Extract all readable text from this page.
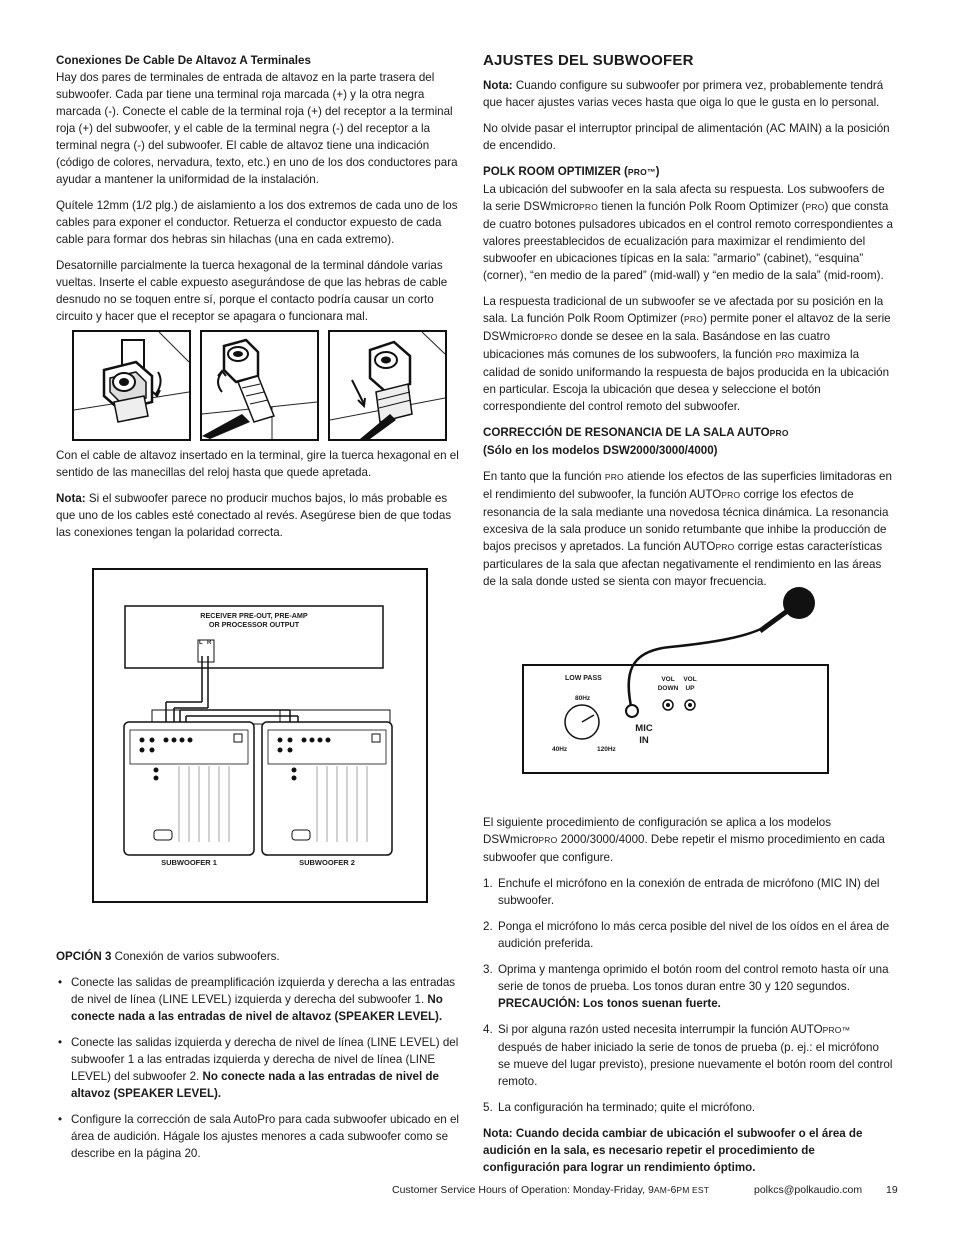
Conexiones De Cable De Altavoz A Terminales

Hay dos pares de terminales de entrada de altavoz en la parte trasera del subwoofer. Cada par tiene una terminal roja marcada (+) y la otra negra marcada (-). Conecte el cable de la terminal roja (+) del receptor a la terminal roja (+) del subwoofer, y el cable de la terminal negra (-) del receptor a la terminal negra (-) del subwoofer. El cable de altavoz tiene una indicación (código de colores, nervadura, texto, etc.) en uno de los dos conductores para ayudar a mantener la uniformidad de la instalación.

Quítele 12mm (1/2 plg.) de aislamiento a los dos extremos de cada uno de los cables para exponer el conductor. Retuerza el conductor expuesto de cada cable para formar dos hebras sin hilachas (una en cada extremo).

Desatornille parcialmente la tuerca hexagonal de la terminal dándole varias vueltas. Inserte el cable expuesto asegurándose de que las hebras de cable desnudo no se toquen entre sí, porque el contacto podría causar un corto circuito y hacer que el receptor se apagara o funcionara mal.

Con el cable de altavoz insertado en la terminal, gire la tuerca hexagonal en el sentido de las manecillas del reloj hasta que quede apretada.

Nota: Si el subwoofer parece no producir muchos bajos, lo más probable es que uno de los cables esté conectado al revés. Asegúrese bien de que todas las conexiones tengan la polaridad correcta.

RECEIVER PRE-OUT, PRE-AMP
OR PROCESSOR OUTPUT
L R
SUBWOOFER 1	SUBWOOFER 2

OPCIÓN 3 Conexión de varios subwoofers.

• Conecte las salidas de preamplificación izquierda y derecha a las entradas de nivel de línea (LINE LEVEL) izquierda y derecha del subwoofer 1. No conecte nada a las entradas de nivel de altavoz (SPEAKER LEVEL).
• Conecte las salidas izquierda y derecha de nivel de línea (LINE LEVEL) del subwoofer 1 a las entradas izquierda y derecha de nivel de línea (LINE LEVEL) del subwoofer 2. No conecte nada a las entradas de nivel de altavoz (SPEAKER LEVEL).
• Configure la corrección de sala AutoPro para cada subwoofer ubicado en el área de audición. Hágale los ajustes menores a cada subwoofer como se describe en la página 20.
AJUSTES DEL SUBWOOFER

Nota: Cuando configure su subwoofer por primera vez, probablemente tendrá que hacer ajustes varias veces hasta que oiga lo que le gusta en lo personal.

No olvide pasar el interruptor principal de alimentación (AC MAIN) a la posición de encendido.

POLK ROOM OPTIMIZER (PRO™)

La ubicación del subwoofer en la sala afecta su respuesta. Los subwoofers de la serie DSWmicroPRO tienen la función Polk Room Optimizer (PRO) que consta de cuatro botones pulsadores ubicados en el control remoto correspondientes a valores preestablecidos de ecualización para maximizar el rendimiento del subwoofer en ubicaciones típicas en la sala: ”armario” (cabinet), “esquina” (corner), “en medio de la pared” (mid-wall) y “en medio de la sala” (mid-room).

La respuesta tradicional de un subwoofer se ve afectada por su posición en la sala. La función Polk Room Optimizer (PRO) permite poner el altavoz de la serie DSWmicroPRO donde se desee en la sala. Basándose en las cuatro ubicaciones más comunes de los subwoofers, la función PRO maximiza la calidad de sonido uniformando la respuesta de bajos producida en la ubicación en particular. Escoja la ubicación que desea y seleccione el botón correspondiente del control remoto del subwoofer.

CORRECCIÓN DE RESONANCIA DE LA SALA AUTOPRO
(Sólo en los modelos DSW2000/3000/4000)

En tanto que la función PRO atiende los efectos de las superficies limitadoras en el rendimiento del subwoofer, la función AUTOPRO corrige los efectos de resonancia de la sala mediante una novedosa técnica dinámica. La resonancia excesiva de la sala produce un sonido retumbante que inhibe la producción de bajos precisos y apretados. La función AUTOPRO corrige estas características particulares de la sala que afectan negativamente el rendimiento en las áreas de la sala donde usted se sienta con mayor frecuencia.

LOW PASS
80Hz
40Hz	120Hz
VOL
DOWN
VOL
UP
MIC
IN

El siguiente procedimiento de configuración se aplica a los modelos DSWmicroPRO 2000/3000/4000. Debe repetir el mismo procedimiento en cada subwoofer que configure.

1. Enchufe el micrófono en la conexión de entrada de micrófono (MIC IN) del subwoofer.
2. Ponga el micrófono lo más cerca posible del nivel de los oídos en el área de audición preferida.
3. Oprima y mantenga oprimido el botón room del control remoto hasta oír una serie de tonos de prueba. Los tonos duran entre 30 y 120 segundos.
PRECAUCIÓN: Los tonos suenan fuerte.
4. Si por alguna razón usted necesita interrumpir la función AUTOPRO™ después de haber iniciado la serie de tonos de prueba (p. ej.: el micrófono se mueve del lugar previsto), presione nuevamente el botón room del control remoto.
5. La configuración ha terminado; quite el micrófono.

Nota: Cuando decida cambiar de ubicación el subwoofer o el área de audición en la sala, es necesario repetir el procedimiento de configuración para lograr un rendimiento óptimo.

Customer Service Hours of Operation: Monday-Friday, 9AM-6PM EST	polkcs@polkaudio.com 19
